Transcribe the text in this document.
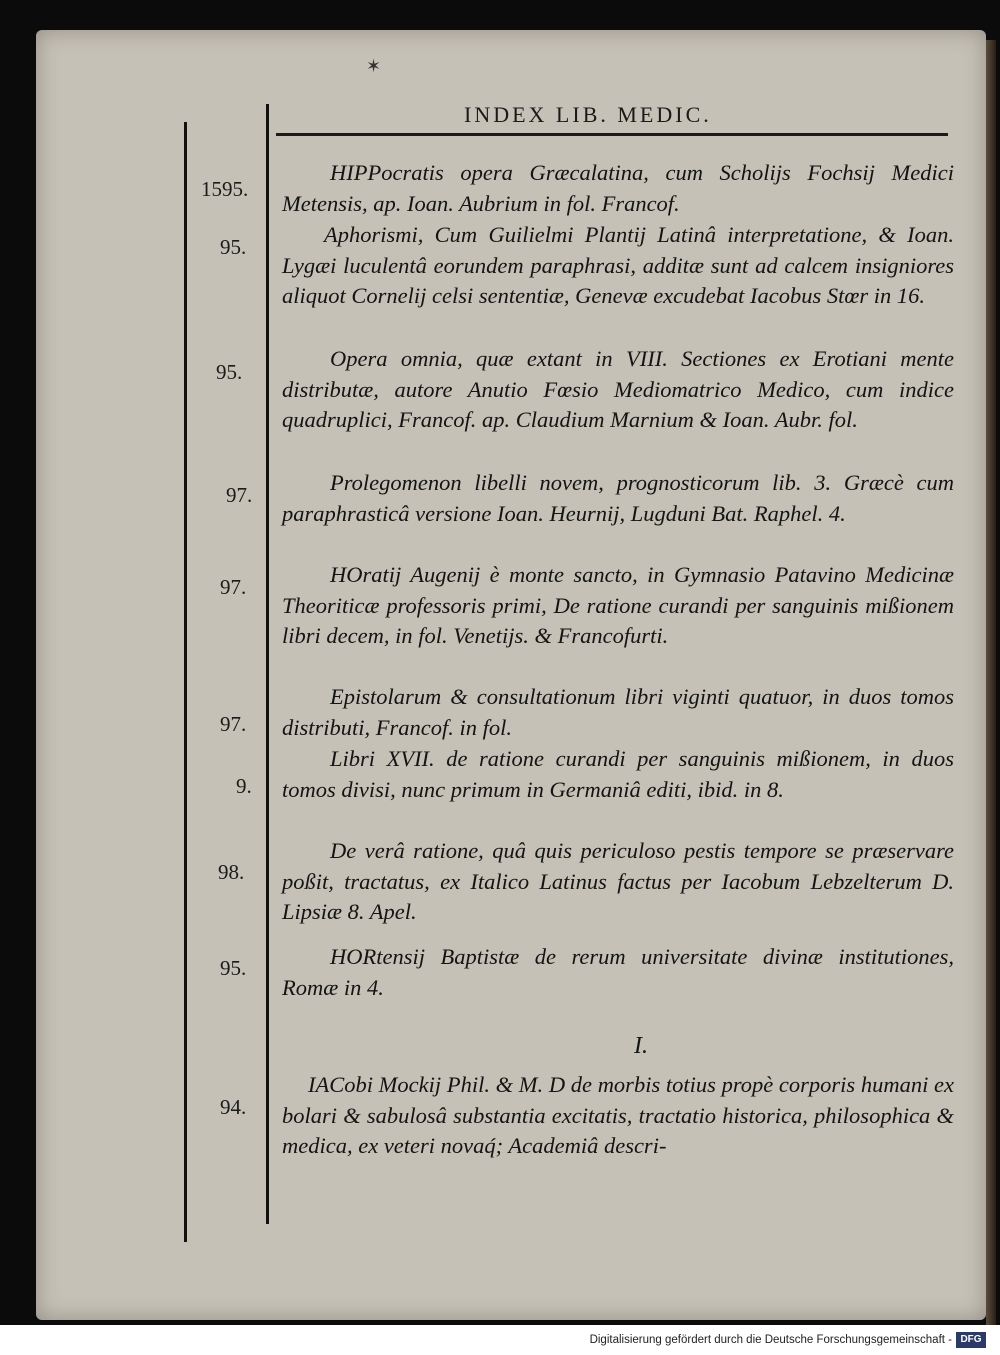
✶
INDEX LIB. MEDIC.
1595.
95.
95.
97.
97.
97.
9.
98.
95.
94.
HIPPocratis opera Græcalatina, cum Scholijs Fochsij Medici Metensis, ap. Ioan. Aubrium in fol. Francof.
Aphorismi, Cum Guilielmi Plantij Latinâ interpretatione, & Ioan. Lygæi luculentâ eorundem paraphrasi, additæ sunt ad calcem insigniores aliquot Cornelij celsi sententiæ, Genevæ excudebat Iacobus Stœr in 16.
Opera omnia, quæ extant in VIII. Sectiones ex Erotiani mente distributæ, autore Anutio Fœsio Mediomatrico Medico, cum indice quadruplici, Francof. ap. Claudium Marnium & Ioan. Aubr. fol.
Prolegomenon libelli novem, prognosticorum lib. 3. Græcè cum paraphrasticâ versione Ioan. Heurnij, Lugduni Bat. Raphel. 4.
HOratij Augenij è monte sancto, in Gymnasio Patavino Medicinæ Theoriticæ professoris primi, De ratione curandi per sanguinis mißionem libri decem, in fol. Venetijs. & Francofurti.
Epistolarum & consultationum libri viginti quatuor, in duos tomos distributi, Francof. in fol.
Libri XVII. de ratione curandi per sanguinis mißionem, in duos tomos divisi, nunc primum in Germaniâ editi, ibid. in 8.
De verâ ratione, quâ quis periculoso pestis tempore se præservare poßit, tractatus, ex Italico Latinus factus per Iacobum Lebzelterum D. Lipsiæ 8. Apel.
HORtensij Baptistæ de rerum universitate divinæ institutiones, Romæ in 4.
I.
IACobi Mockij Phil. & M. D de morbis totius propè corporis humani ex bolari & sabulosâ substantia excitatis, tractatio historica, philosophica & medica, ex veteri novaq́; Academiâ descri-
Digitalisierung gefördert durch die Deutsche Forschungsgemeinschaft - DFG
